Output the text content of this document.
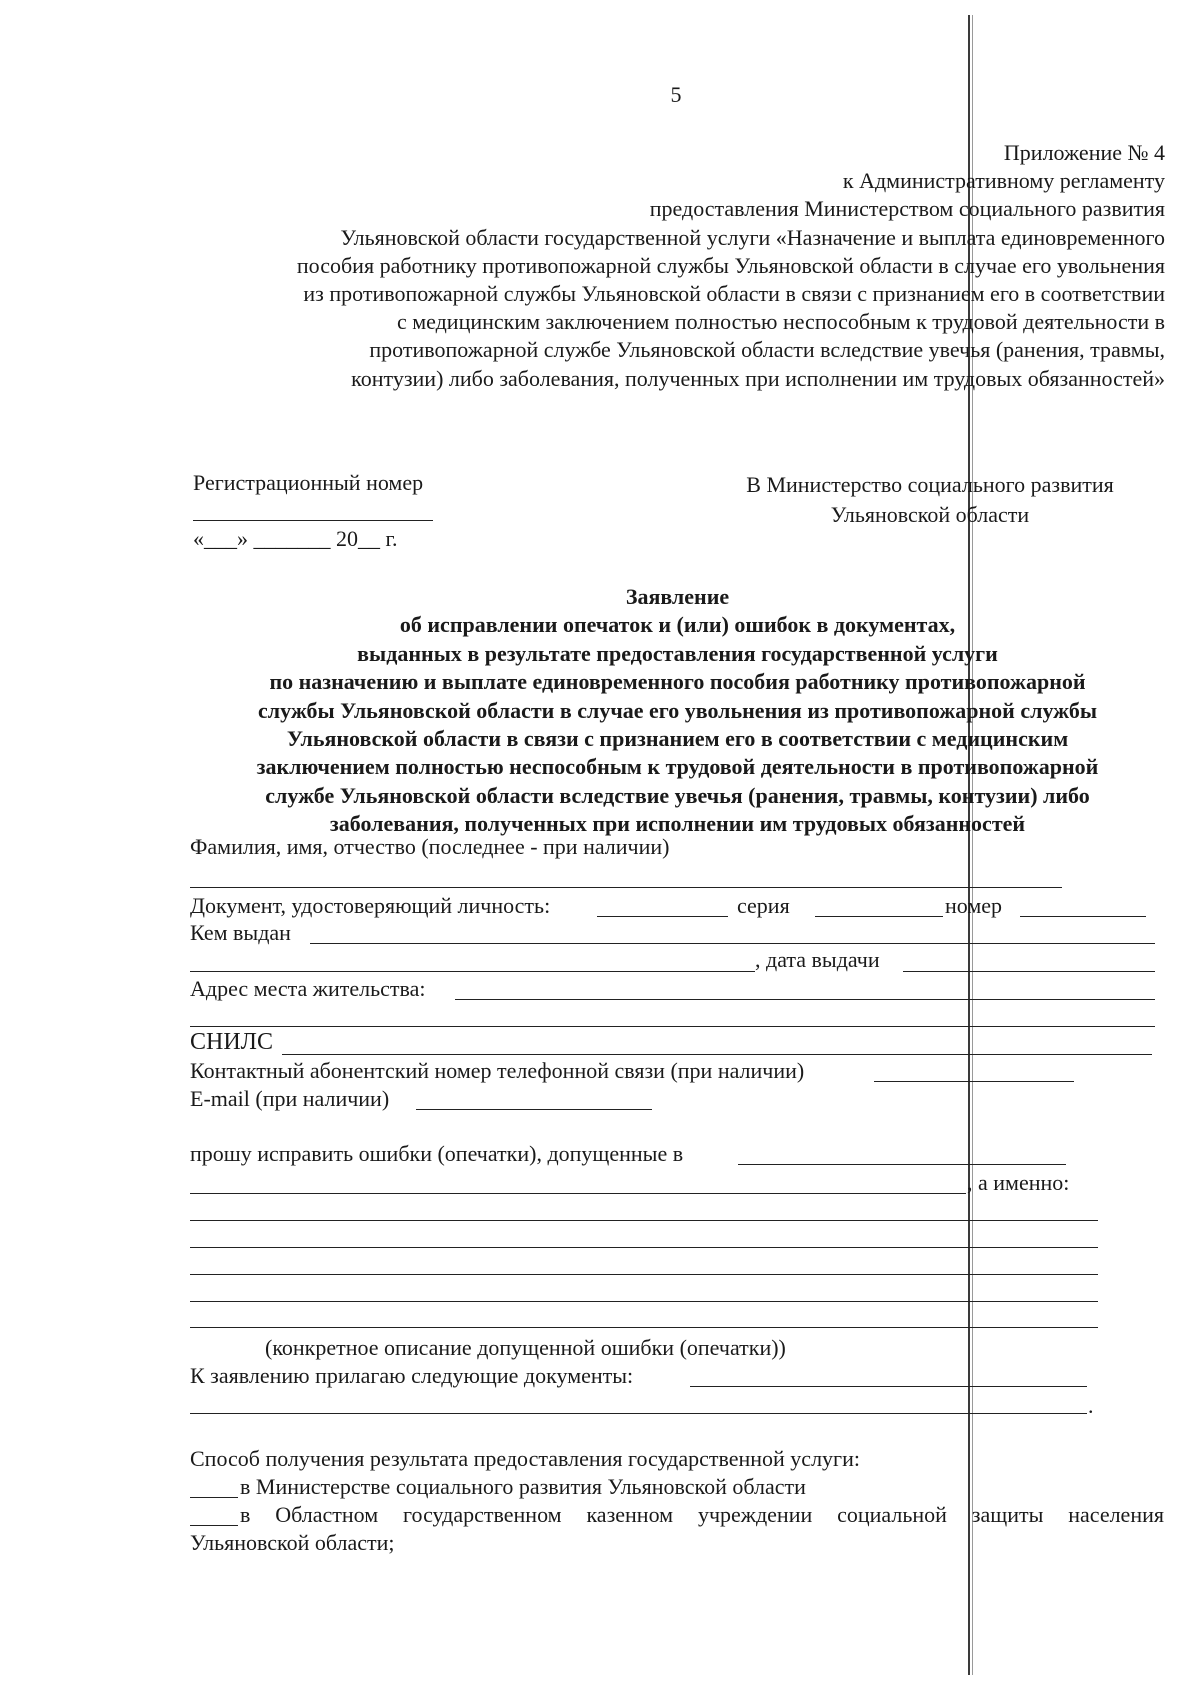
5
Приложение № 4
к Административному регламенту
предоставления Министерством социального развития
Ульяновской области государственной услуги «Назначение и выплата единовременного
пособия работнику противопожарной службы Ульяновской области в случае его увольнения
из противопожарной службы Ульяновской области в связи с признанием его в соответствии
с медицинским заключением полностью неспособным к трудовой деятельности в
противопожарной службе Ульяновской области вследствие увечья (ранения, травмы,
контузии) либо заболевания, полученных при исполнении им трудовых обязанностей»
Регистрационный номер
«___» _______ 20__ г.
В Министерство социального развития
Ульяновской области
Заявление
об исправлении опечаток и (или) ошибок в документах,
выданных в результате предоставления государственной услуги
по назначению и выплате единовременного пособия работнику противопожарной
службы Ульяновской области в случае его увольнения из противопожарной службы
Ульяновской области в связи с признанием его в соответствии с медицинским
заключением полностью неспособным к трудовой деятельности в противопожарной
службе Ульяновской области вследствие увечья (ранения, травмы, контузии) либо
заболевания, полученных при исполнении им трудовых обязанностей
Фамилия, имя, отчество (последнее - при наличии)
Документ, удостоверяющий личность:	серия	номер
Кем выдан
, дата выдачи
Адрес места жительства:
СНИЛС
Контактный абонентский номер телефонной связи (при наличии)
E-mail (при наличии)
прошу исправить ошибки (опечатки), допущенные в
, а именно:
(конкретное описание допущенной ошибки (опечатки))
К заявлению прилагаю следующие документы:
.
Способ получения результата предоставления государственной услуги:
в Министерстве социального развития Ульяновской области
в Областном государственном казенном учреждении социальной защиты населения
Ульяновской области;
